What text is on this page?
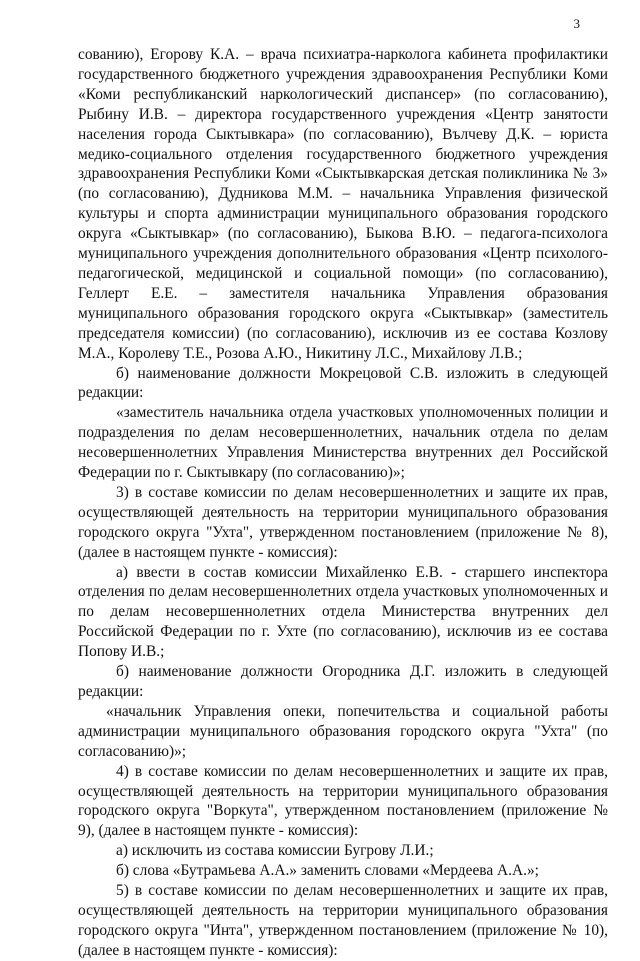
3

сованию), Егорову К.А. – врача психиатра-нарколога кабинета профилактики государственного бюджетного учреждения здравоохранения Республики Коми «Коми республиканский наркологический диспансер» (по согласованию), Рыбину И.В. – директора государственного учреждения «Центр занятости населения города Сыктывкара» (по согласованию), Вълчеву Д.К. – юриста медико-социального отделения государственного бюджетного учреждения здравоохранения Республики Коми «Сыктывкарская детская поликлиника № 3» (по согласованию), Дудникова М.М. – начальника Управления физической культуры и спорта администрации муниципального образования городского округа «Сыктывкар» (по согласованию), Быкова В.Ю. – педагога-психолога муниципального учреждения дополнительного образования «Центр психолого-педагогической, медицинской и социальной помощи» (по согласованию), Геллерт Е.Е. – заместителя начальника Управления образования муниципального образования городского округа «Сыктывкар» (заместитель председателя комиссии) (по согласованию), исключив из ее состава Козлову М.А., Королеву Т.Е., Розова А.Ю., Никитину Л.С., Михайлову Л.В.;

б) наименование должности Мокрецовой С.В. изложить в следующей редакции:

«заместитель начальника отдела участковых уполномоченных полиции и подразделения по делам несовершеннолетних, начальник отдела по делам несовершеннолетних Управления Министерства внутренних дел Российской Федерации по г. Сыктывкару (по согласованию)»;

3) в составе комиссии по делам несовершеннолетних и защите их прав, осуществляющей деятельность на территории муниципального образования городского округа "Ухта", утвержденном постановлением (приложение № 8), (далее в настоящем пункте - комиссия):

а) ввести в состав комиссии Михайленко Е.В. - старшего инспектора отделения по делам несовершеннолетних отдела участковых уполномоченных и по делам несовершеннолетних отдела Министерства внутренних дел Российской Федерации по г. Ухте (по согласованию), исключив из ее состава Попову И.В.;

б) наименование должности Огородника Д.Г. изложить в следующей редакции:

«начальник Управления опеки, попечительства и социальной работы администрации муниципального образования городского округа "Ухта" (по согласованию)»;

4) в составе комиссии по делам несовершеннолетних и защите их прав, осуществляющей деятельность на территории муниципального образования городского округа "Воркута", утвержденном постановлением (приложение № 9), (далее в настоящем пункте - комиссия):

а) исключить из состава комиссии Бугрову Л.И.;

б) слова «Бутрамьева А.А.» заменить словами «Мердеева А.А.»;

5) в составе комиссии по делам несовершеннолетних и защите их прав, осуществляющей деятельность на территории муниципального образования городского округа "Инта", утвержденном постановлением (приложение № 10), (далее в настоящем пункте - комиссия):
